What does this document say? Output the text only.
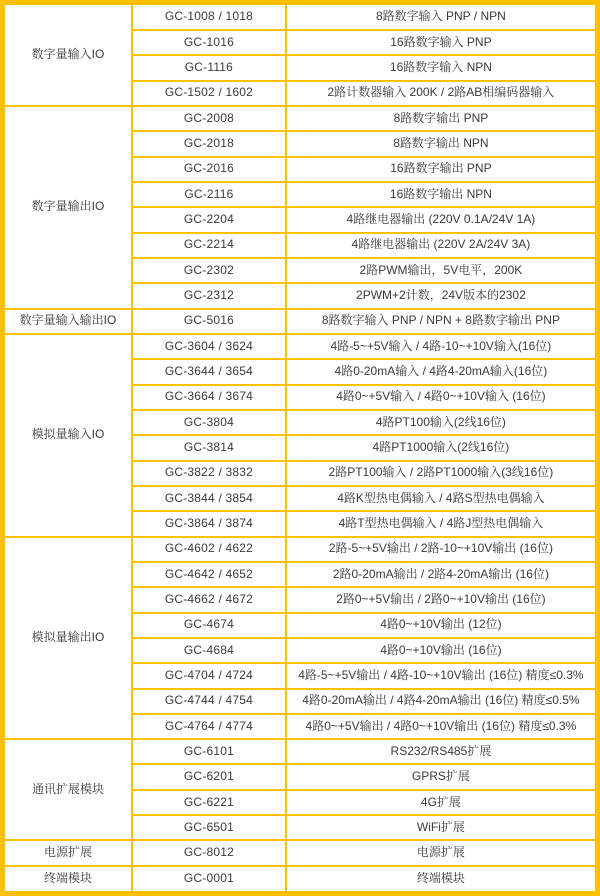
数字量输入IO	GC-1008 / 1018	8路数字输入 PNP / NPN
	GC-1016	16路数字输入 PNP
	GC-1116	16路数字输入 NPN
	GC-1502 / 1602	2路计数器输入 200K / 2路AB相编码器输入
数字量输出IO	GC-2008	8路数字输出 PNP
	GC-2018	8路数字输出 NPN
	GC-2016	16路数字输出 PNP
	GC-2116	16路数字输出 NPN
	GC-2204	4路继电器输出 (220V 0.1A/24V 1A)
	GC-2214	4路继电器输出 (220V 2A/24V 3A)
	GC-2302	2路PWM输出，5V电平，200K
	GC-2312	2PWM+2计数，24V版本的2302
数字量输入输出IO	GC-5016	8路数字输入 PNP / NPN + 8路数字输出 PNP
模拟量输入IO	GC-3604 / 3624	4路-5~+5V输入 / 4路-10~+10V输入(16位)
	GC-3644 / 3654	4路0-20mA输入 / 4路4-20mA输入(16位)
	GC-3664 / 3674	4路0~+5V输入 / 4路0~+10V输入 (16位)
	GC-3804	4路PT100输入(2线16位)
	GC-3814	4路PT1000输入(2线16位)
	GC-3822 / 3832	2路PT100输入 / 2路PT1000输入(3线16位)
	GC-3844 / 3854	4路K型热电偶输入 / 4路S型热电偶输入
	GC-3864 / 3874	4路T型热电偶输入 / 4路J型热电偶输入
模拟量输出IO	GC-4602 / 4622	2路-5~+5V输出 / 2路-10~+10V输出 (16位)
	GC-4642 / 4652	2路0-20mA输出 / 2路4-20mA输出 (16位)
	GC-4662 / 4672	2路0~+5V输出 / 2路0~+10V输出 (16位)
	GC-4674	4路0~+10V输出 (12位)
	GC-4684	4路0~+10V输出 (16位)
	GC-4704 / 4724	4路-5~+5V输出 / 4路-10~+10V输出 (16位) 精度≤0.3%
	GC-4744 / 4754	4路0-20mA输出 / 4路4-20mA输出 (16位) 精度≤0.5%
	GC-4764 / 4774	4路0~+5V输出 / 4路0~+10V输出 (16位) 精度≤0.3%
通讯扩展模块	GC-6101	RS232/RS485扩展
	GC-6201	GPRS扩展
	GC-6221	4G扩展
	GC-6501	WiFi扩展
电源扩展	GC-8012	电源扩展
终端模块	GC-0001	终端模块
